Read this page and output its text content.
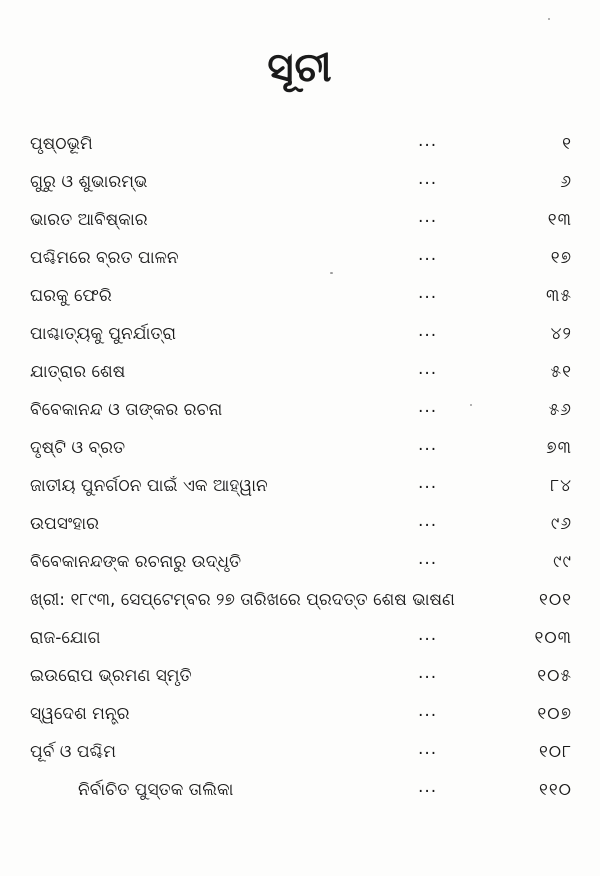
ସୂଚୀ
ପୃଷ୍ଠଭୂମି	...	୧
ଗୁରୁ ଓ ଶୁଭାରମ୍ଭ	...	୬
ଭାରତ ଆବିଷ୍କାର	...	୧୩
ପଶ୍ଚିମରେ ବ୍ରତ ପାଳନ	...	୧୭
ଘରକୁ ଫେରି	...	୩୫
ପାଶ୍ଚାତ୍ୟକୁ ପୁନର୍ଯାତ୍ରା	...	୪୨
ଯାତ୍ରାର ଶେଷ	...	୫୧
ବିବେକାନନ୍ଦ ଓ ତାଙ୍କର ରଚନା	...	୫୬
ଦୃଷ୍ଟି ଓ ବ୍ରତ	...	୭୩
ଜାତୀୟ ପୁନର୍ଗଠନ ପାଇଁ ଏକ ଆହ୍ୱାନ	...	୮୪
ଉପସଂହାର	...	୯୬
ବିବେକାନନ୍ଦଙ୍କ ରଚନାରୁ ଉଦ୍ଧୃତି	...	୯୯
ଖ୍ରୀ: ୧୮୯୩, ସେପ୍ଟେମ୍ବର ୨୭ ତାରିଖରେ ପ୍ରଦତ୍ତ ଶେଷ ଭାଷଣ	୧୦୧
ରାଜ-ଯୋଗ	...	୧୦୩
ଇଉରୋପ ଭ୍ରମଣ ସ୍ମୃତି	...	୧୦୫
ସ୍ୱଦେଶ ମନ୍ତ୍ର	...	୧୦୭
ପୂର୍ବ ଓ ପଶ୍ଚିମ	...	୧୦୮
ନିର୍ବାଚିତ ପୁସ୍ତକ ତାଲିକା	...	୧୧୦
